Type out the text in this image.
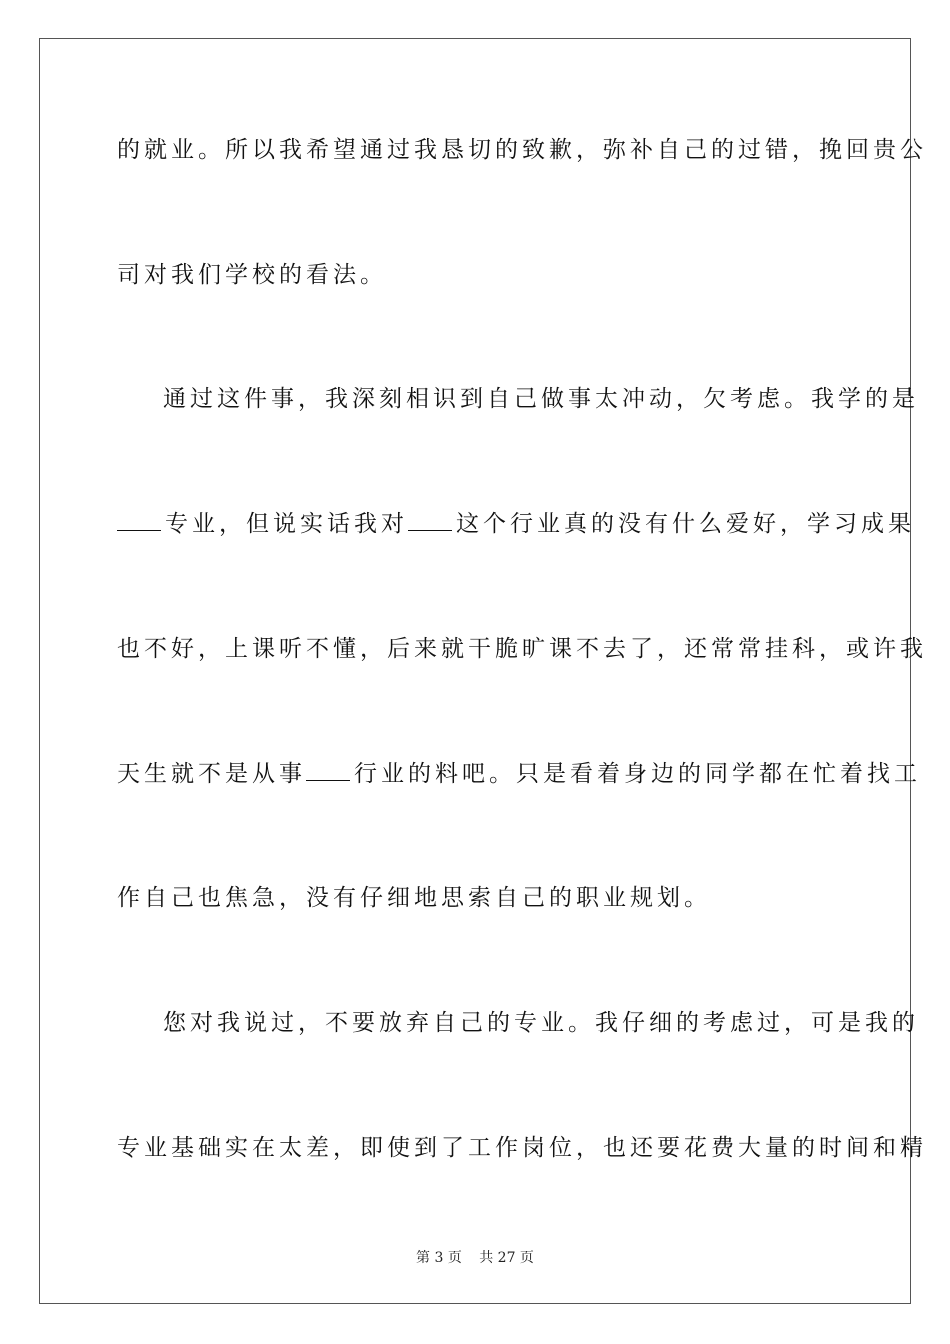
的就业。所以我希望通过我恳切的致歉，弥补自己的过错，挽回贵公
司对我们学校的看法。
通过这件事，我深刻相识到自己做事太冲动，欠考虑。我学的是
专业，但说实话我对 这个行业真的没有什么爱好，学习成果
也不好，上课听不懂，后来就干脆旷课不去了，还常常挂科，或许我
天生就不是从事 行业的料吧。只是看着身边的同学都在忙着找工
作自己也焦急，没有仔细地思索自己的职业规划。
您对我说过，不要放弃自己的专业。我仔细的考虑过，可是我的
专业基础实在太差，即使到了工作岗位，也还要花费大量的时间和精
第 3 页 共 27 页
